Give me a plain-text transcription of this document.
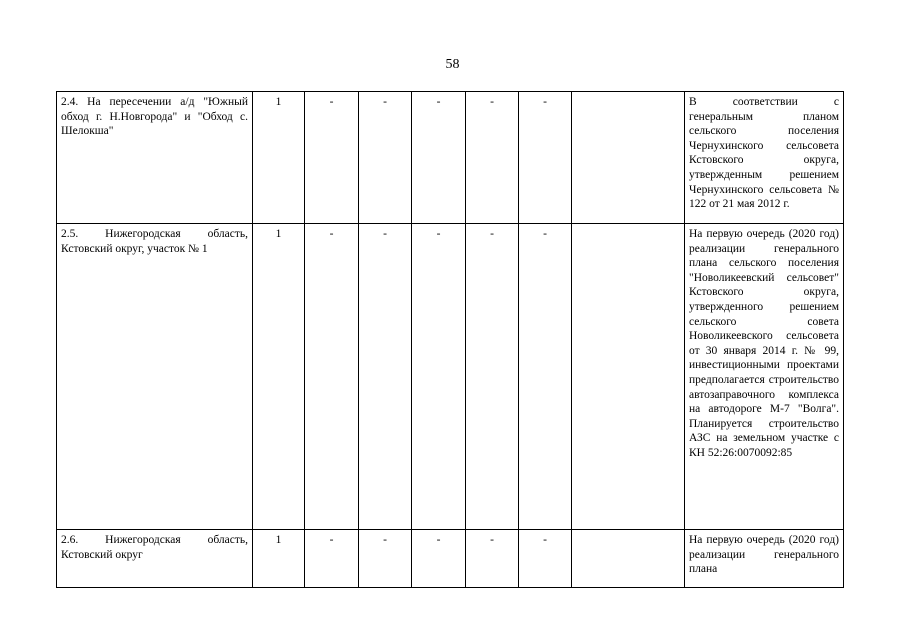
58
2.4. На пересечении а/д "Южный обход г. Н.Новгорода" и "Обход с. Шелокша"	1	-	-	-	-	-		В соответствии с генеральным планом сельского поселения Чернухинского сельсовета Кстовского округа, утвержденным решением Чернухинского сельсовета № 122 от 21 мая 2012 г.
2.5. Нижегородская область, Кстовский округ, участок № 1	1	-	-	-	-	-		На первую очередь (2020 год) реализации генерального плана сельского поселения "Новоликеевский сельсовет" Кстовского округа, утвержденного решением сельского совета Новоликеевского сельсовета от 30 января 2014 г. № 99, инвестиционными проектами предполагается строительство автозаправочного комплекса на автодороге М-7 "Волга". Планируется строительство АЗС на земельном участке с КН 52:26:0070092:85
2.6. Нижегородская область, Кстовский округ	1	-	-	-	-	-		На первую очередь (2020 год) реализации генерального плана
